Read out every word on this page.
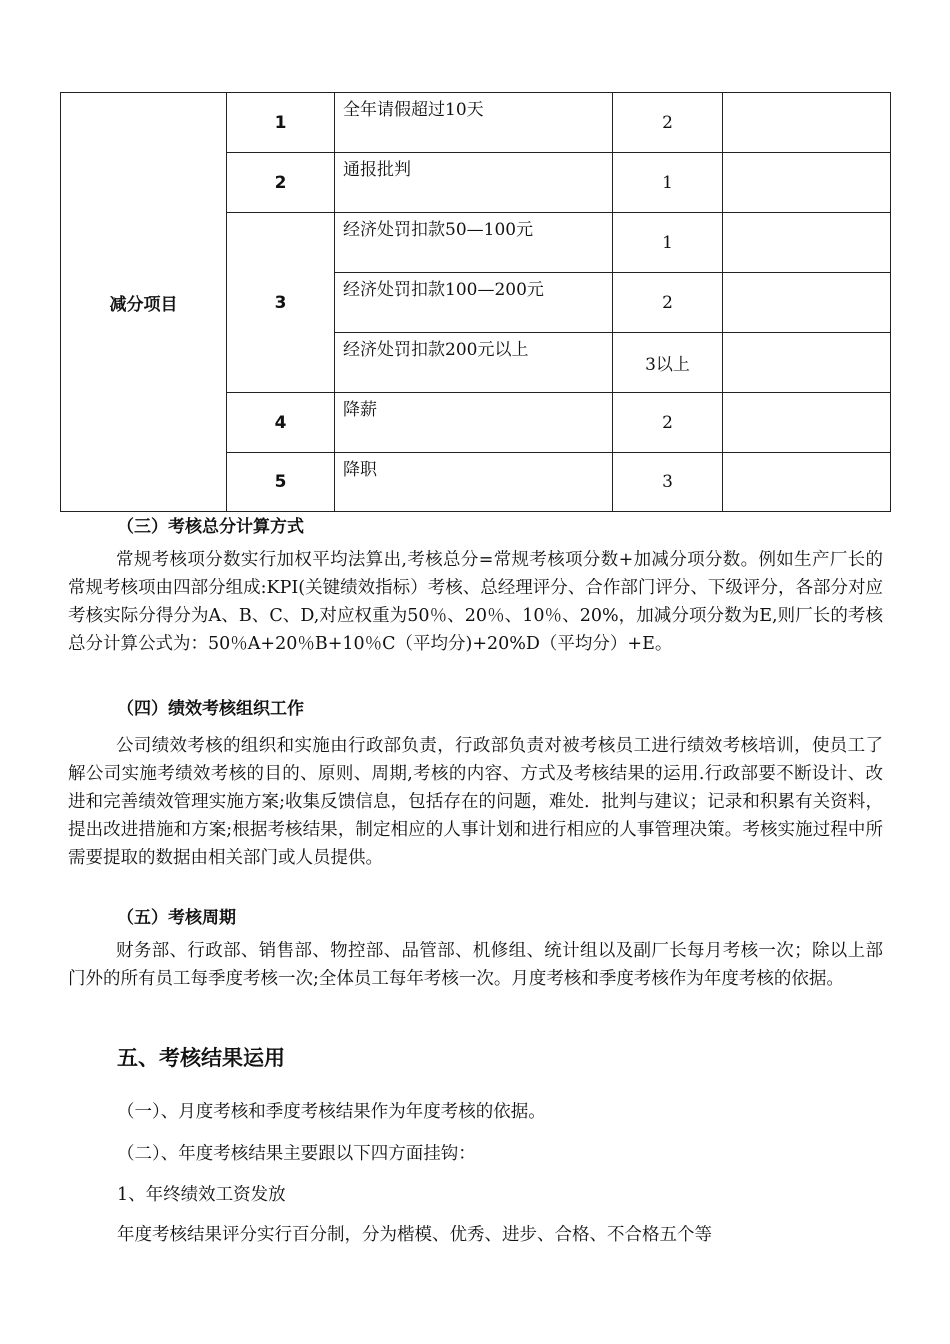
减分项目	1	全年请假超过10天	2	
	2	通报批判	1	
	3	经济处罚扣款50—100元	1	
		经济处罚扣款100—200元	2	
		经济处罚扣款200元以上	3以上	
	4	降薪	2	
	5	降职	3	
（三）考核总分计算方式

常规考核项分数实行加权平均法算出,考核总分=常规考核项分数+加减分项分数。例如生产厂长的常规考核项由四部分组成:KPI(关键绩效指标）考核、总经理评分、合作部门评分、下级评分，各部分对应考核实际分得分为A、B、C、D,对应权重为50％、20％、10％、20%，加减分项分数为E,则厂长的考核总分计算公式为：50％A+20％B+10％C（平均分)+20%D（平均分）+E。

（四）绩效考核组织工作

公司绩效考核的组织和实施由行政部负责，行政部负责对被考核员工进行绩效考核培训，使员工了解公司实施考绩效考核的目的、原则、周期,考核的内容、方式及考核结果的运用.行政部要不断设计、改进和完善绩效管理实施方案;收集反馈信息，包括存在的问题，难处．批判与建议；记录和积累有关资料，提出改进措施和方案;根据考核结果，制定相应的人事计划和进行相应的人事管理决策。考核实施过程中所需要提取的数据由相关部门或人员提供。

（五）考核周期

财务部、行政部、销售部、物控部、品管部、机修组、统计组以及副厂长每月考核一次；除以上部门外的所有员工每季度考核一次;全体员工每年考核一次。月度考核和季度考核作为年度考核的依据。

五、考核结果运用

（一）、月度考核和季度考核结果作为年度考核的依据。

（二）、年度考核结果主要跟以下四方面挂钩：

1、年终绩效工资发放

年度考核结果评分实行百分制，分为楷模、优秀、进步、合格、不合格五个等
